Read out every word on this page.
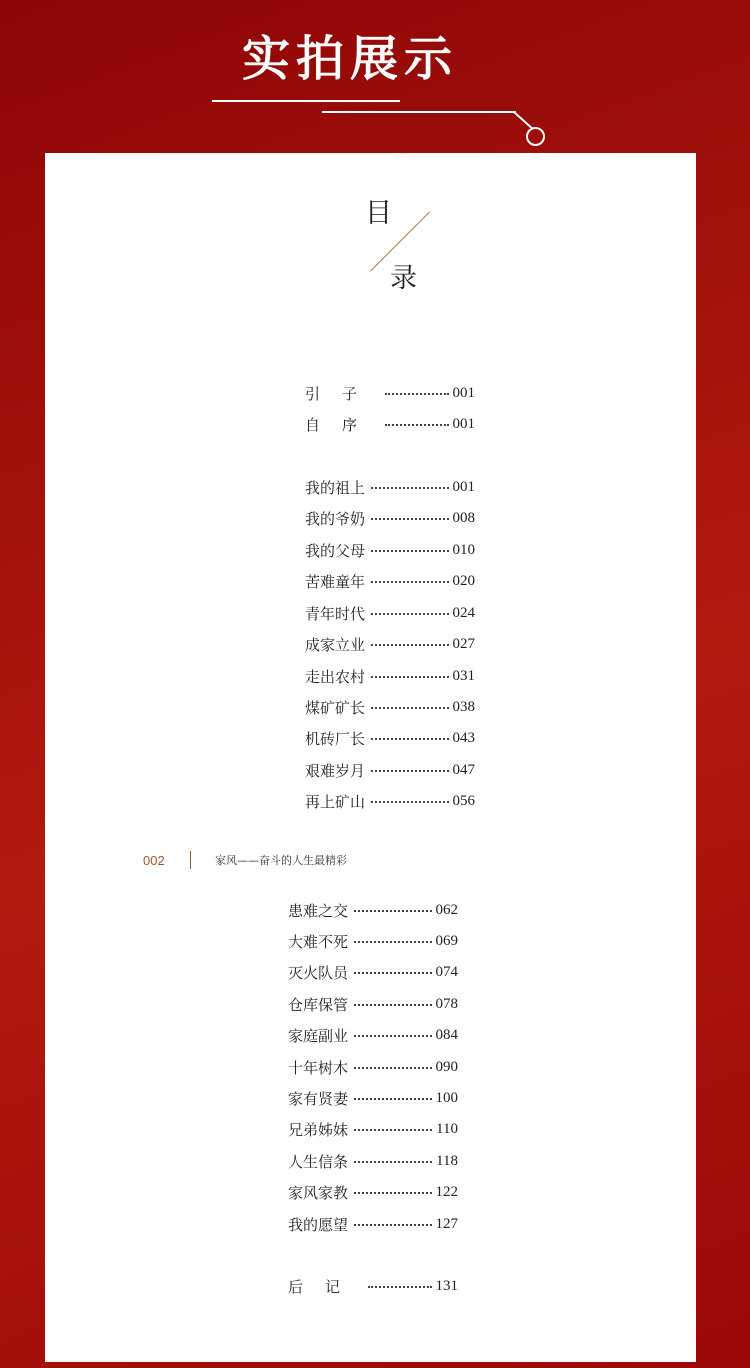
实拍展示
目
录
引子	001
自序	001
我的祖上	001
我的爷奶	008
我的父母	010
苦难童年	020
青年时代	024
成家立业	027
走出农村	031
煤矿矿长	038
机砖厂长	043
艰难岁月	047
再上矿山	056
002	家风——奋斗的人生最精彩
患难之交	062
大难不死	069
灭火队员	074
仓库保管	078
家庭副业	084
十年树木	090
家有贤妻	100
兄弟姊妹	110
人生信条	118
家风家教	122
我的愿望	127
后记	131
